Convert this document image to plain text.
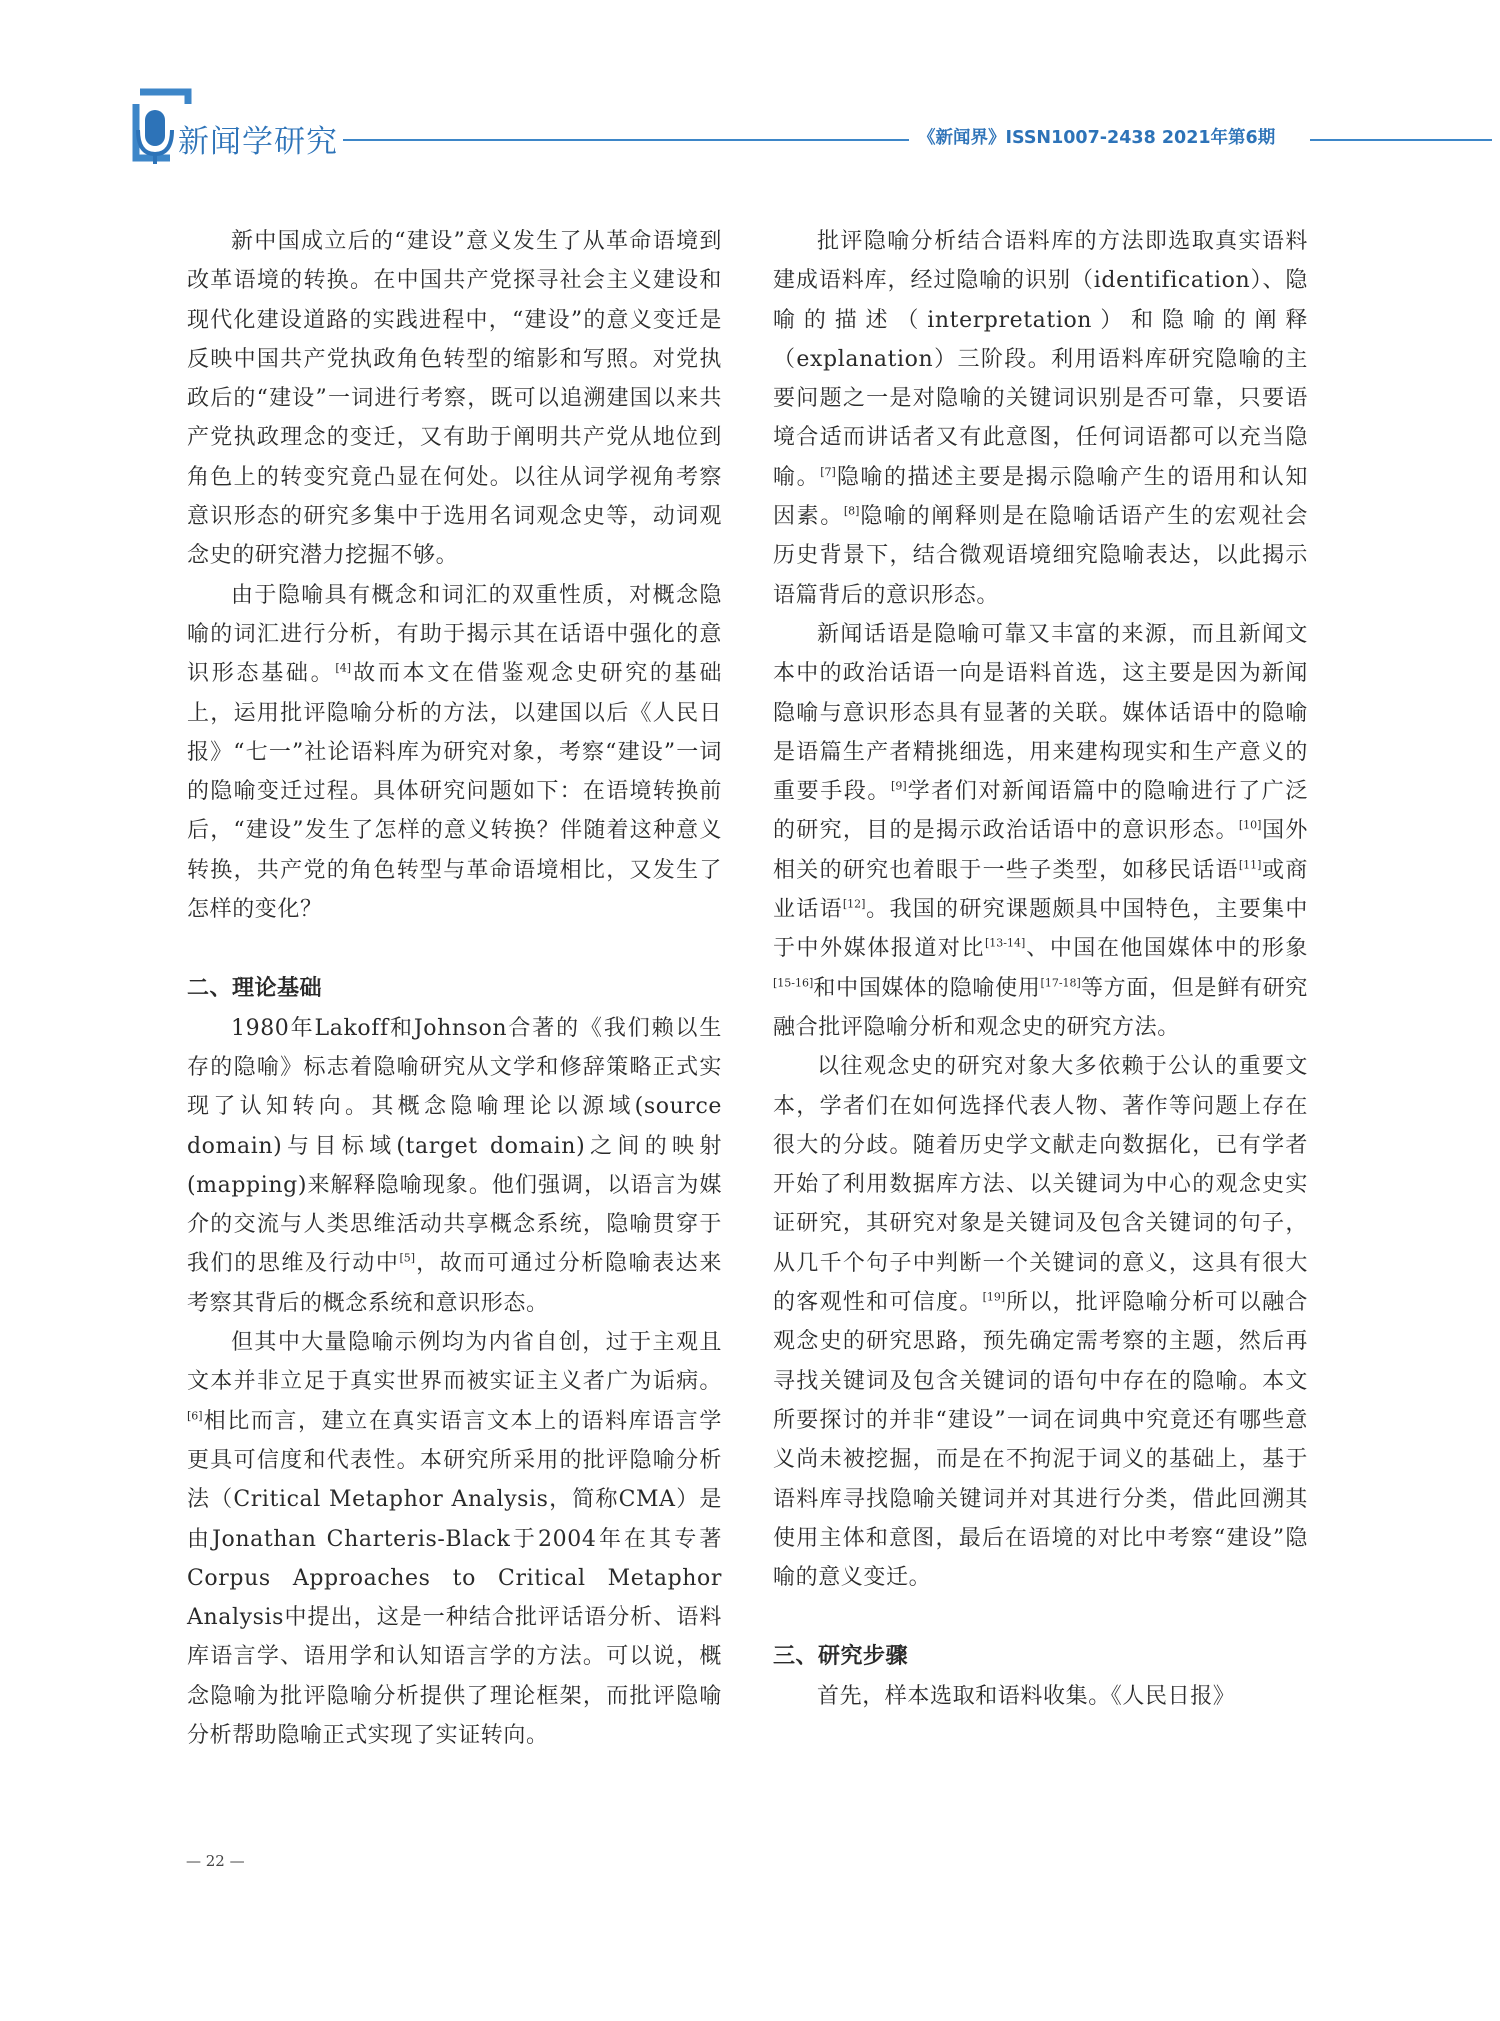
新闻学研究	《新闻界》ISSN1007-2438 2021年第6期

新中国成立后的“建设”意义发生了从革命语境到改革语境的转换。在中国共产党探寻社会主义建设和现代化建设道路的实践进程中，“建设”的意义变迁是反映中国共产党执政角色转型的缩影和写照。对党执政后的“建设”一词进行考察，既可以追溯建国以来共产党执政理念的变迁，又有助于阐明共产党从地位到角色上的转变究竟凸显在何处。以往从词学视角考察意识形态的研究多集中于选用名词观念史等，动词观念史的研究潜力挖掘不够。

由于隐喻具有概念和词汇的双重性质，对概念隐喻的词汇进行分析，有助于揭示其在话语中强化的意识形态基础。[4]故而本文在借鉴观念史研究的基础上，运用批评隐喻分析的方法，以建国以后《人民日报》“七一”社论语料库为研究对象，考察“建设”一词的隐喻变迁过程。具体研究问题如下：在语境转换前后，“建设”发生了怎样的意义转换？伴随着这种意义转换，共产党的角色转型与革命语境相比，又发生了怎样的变化？

二、理论基础

1980年Lakoff和Johnson合著的《我们赖以生存的隐喻》标志着隐喻研究从文学和修辞策略正式实现了认知转向。其概念隐喻理论以源域(source domain)与目标域(target domain)之间的映射(mapping)来解释隐喻现象。他们强调，以语言为媒介的交流与人类思维活动共享概念系统，隐喻贯穿于我们的思维及行动中[5]，故而可通过分析隐喻表达来考察其背后的概念系统和意识形态。

但其中大量隐喻示例均为内省自创，过于主观且文本并非立足于真实世界而被实证主义者广为诟病。[6]相比而言，建立在真实语言文本上的语料库语言学更具可信度和代表性。本研究所采用的批评隐喻分析法（Critical Metaphor Analysis，简称CMA）是由Jonathan Charteris-Black于2004年在其专著Corpus Approaches to Critical Metaphor Analysis中提出，这是一种结合批评话语分析、语料库语言学、语用学和认知语言学的方法。可以说，概念隐喻为批评隐喻分析提供了理论框架，而批评隐喻分析帮助隐喻正式实现了实证转向。

批评隐喻分析结合语料库的方法即选取真实语料建成语料库，经过隐喻的识别（identification）、隐喻的描述（interpretation）和隐喻的阐释（explanation）三阶段。利用语料库研究隐喻的主要问题之一是对隐喻的关键词识别是否可靠，只要语境合适而讲话者又有此意图，任何词语都可以充当隐喻。[7]隐喻的描述主要是揭示隐喻产生的语用和认知因素。[8]隐喻的阐释则是在隐喻话语产生的宏观社会历史背景下，结合微观语境细究隐喻表达，以此揭示语篇背后的意识形态。

新闻话语是隐喻可靠又丰富的来源，而且新闻文本中的政治话语一向是语料首选，这主要是因为新闻隐喻与意识形态具有显著的关联。媒体话语中的隐喻是语篇生产者精挑细选，用来建构现实和生产意义的重要手段。[9]学者们对新闻语篇中的隐喻进行了广泛的研究，目的是揭示政治话语中的意识形态。[10]国外相关的研究也着眼于一些子类型，如移民话语[11]或商业话语[12]。我国的研究课题颇具中国特色，主要集中于中外媒体报道对比[13-14]、中国在他国媒体中的形象[15-16]和中国媒体的隐喻使用[17-18]等方面，但是鲜有研究融合批评隐喻分析和观念史的研究方法。

以往观念史的研究对象大多依赖于公认的重要文本，学者们在如何选择代表人物、著作等问题上存在很大的分歧。随着历史学文献走向数据化，已有学者开始了利用数据库方法、以关键词为中心的观念史实证研究，其研究对象是关键词及包含关键词的句子，从几千个句子中判断一个关键词的意义，这具有很大的客观性和可信度。[19]所以，批评隐喻分析可以融合观念史的研究思路，预先确定需考察的主题，然后再寻找关键词及包含关键词的语句中存在的隐喻。本文所要探讨的并非“建设”一词在词典中究竟还有哪些意义尚未被挖掘，而是在不拘泥于词义的基础上，基于语料库寻找隐喻关键词并对其进行分类，借此回溯其使用主体和意图，最后在语境的对比中考察“建设”隐喻的意义变迁。

三、研究步骤

首先，样本选取和语料收集。《人民日报》

— 22 —
